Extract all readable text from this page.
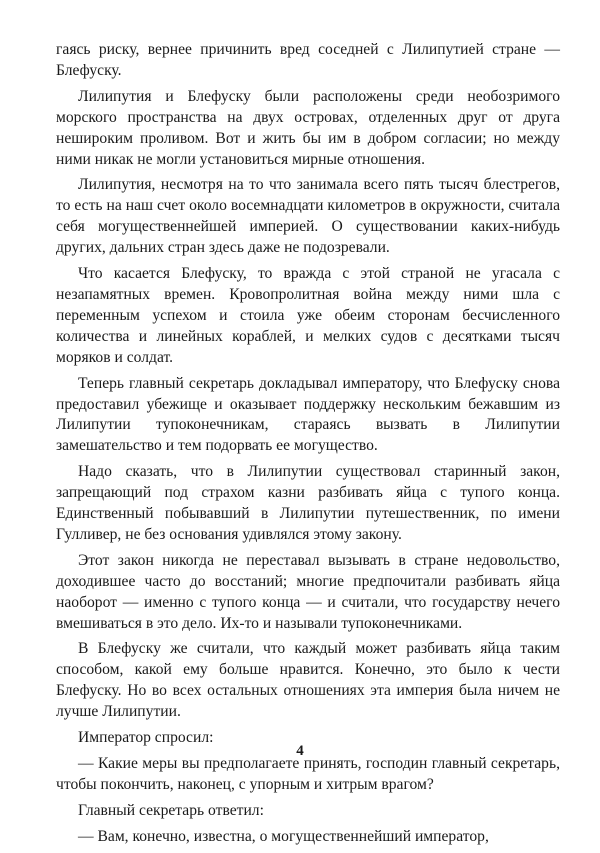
гаясь риску, вернее причинить вред соседней с Лилипутией стране — Блефуску.

Лилипутия и Блефуску были расположены среди необозримого морского пространства на двух островах, отделенных друг от друга нешироким проливом. Вот и жить бы им в добром согласии; но между ними никак не могли установиться мирные отношения.

Лилипутия, несмотря на то что занимала всего пять тысяч блестрегов, то есть на наш счет около восемнадцати километров в окружности, считала себя могущественнейшей империей. О существовании каких-нибудь других, дальних стран здесь даже не подозревали.

Что касается Блефуску, то вражда с этой страной не угасала с незапамятных времен. Кровопролитная война между ними шла с переменным успехом и стоила уже обеим сторонам бесчисленного количества и линейных кораблей, и мелких судов с десятками тысяч моряков и солдат.

Теперь главный секретарь докладывал императору, что Блефуску снова предоставил убежище и оказывает поддержку нескольким бежавшим из Лилипутии тупоконечникам, стараясь вызвать в Лилипутии замешательство и тем подорвать ее могущество.

Надо сказать, что в Лилипутии существовал старинный закон, запрещающий под страхом казни разбивать яйца с тупого конца. Единственный побывавший в Лилипутии путешественник, по имени Гулливер, не без основания удивлялся этому закону.

Этот закон никогда не переставал вызывать в стране недовольство, доходившее часто до восстаний; многие предпочитали разбивать яйца наоборот — именно с тупого конца — и считали, что государству нечего вмешиваться в это дело. Их-то и называли тупоконечниками.

В Блефуску же считали, что каждый может разбивать яйца таким способом, какой ему больше нравится. Конечно, это было к чести Блефуску. Но во всех остальных отношениях эта империя была ничем не лучше Лилипутии.

Император спросил:

— Какие меры вы предполагаете принять, господин главный секретарь, чтобы покончить, наконец, с упорным и хитрым врагом?

Главный секретарь ответил:

— Вам, конечно, известна, о могущественнейший император,

4
